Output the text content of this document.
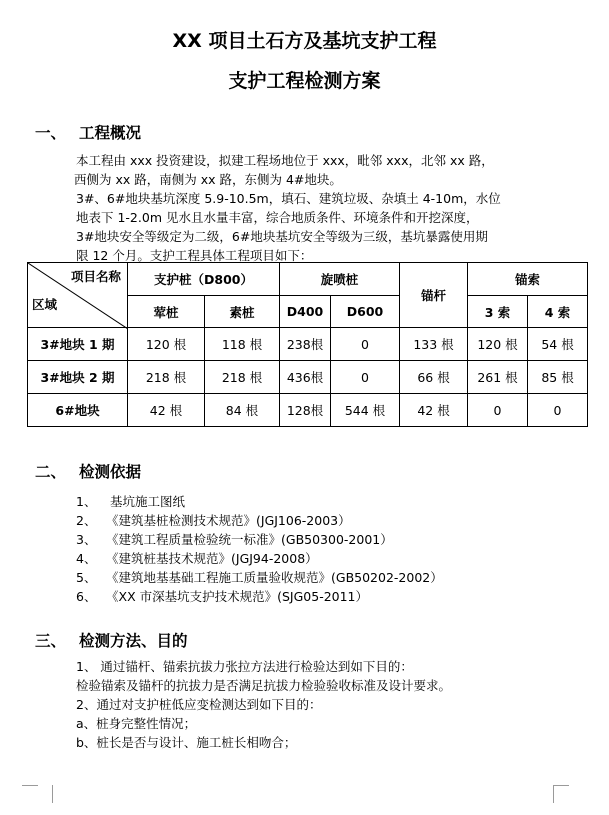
XX 项目土石方及基坑支护工程
支护工程检测方案
一、 工程概况
本工程由 xxx 投资建设，拟建工程场地位于 xxx，毗邻 xxx，北邻 xx 路，
西侧为 xx 路，南侧为 xx 路，东侧为 4#地块。
3#、6#地块基坑深度 5.9-10.5m，填石、建筑垃圾、杂填土 4-10m，水位
地表下 1-2.0m 见水且水量丰富，综合地质条件、环境条件和开挖深度，
3#地块安全等级定为二级，6#地块基坑安全等级为三级，基坑暴露使用期
限 12 个月。支护工程具体工程项目如下：
项目名称
区域	支护桩（D800）		旋喷桩		锚杆	锚索	
	荤桩	素桩	D400	D600		3 索	4 索
3#地块 1 期	120 根	118 根	238根	0	133 根	120 根	54 根
3#地块 2 期	218 根	218 根	436根	0	66 根	261 根	85 根
6#地块	42 根	84 根	128根	544 根	42 根	0	0
二、 检测依据
1、 基坑施工图纸
2、 《建筑基桩检测技术规范》(JGJ106-2003）
3、 《建筑工程质量检验统一标准》(GB50300-2001）
4、 《建筑桩基技术规范》(JGJ94-2008）
5、 《建筑地基基础工程施工质量验收规范》(GB50202-2002）
6、 《XX 市深基坑支护技术规范》(SJG05-2011）
三、 检测方法、目的
1、 通过锚杆、锚索抗拔力张拉方法进行检验达到如下目的：
检验锚索及锚杆的抗拔力是否满足抗拔力检验验收标准及设计要求。
2、通过对支护桩低应变检测达到如下目的：
a、桩身完整性情况；
b、桩长是否与设计、施工桩长相吻合；
